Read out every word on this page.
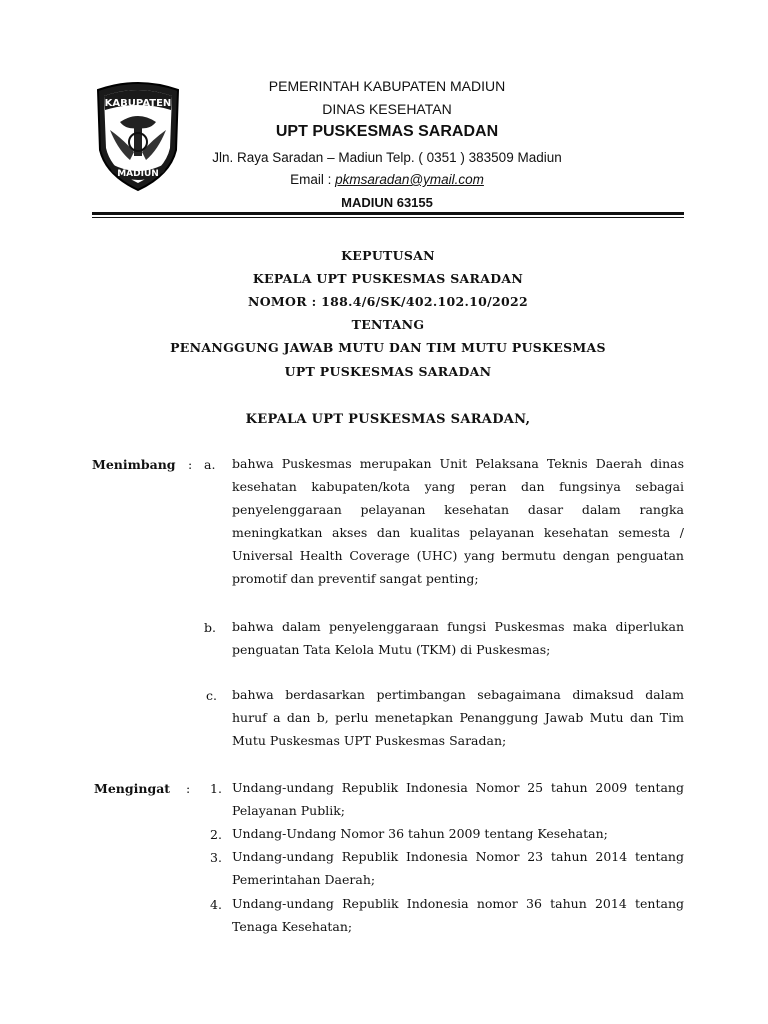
KABUPATEN
MADIUN
PEMERINTAH KABUPATEN MADIUN
DINAS KESEHATAN
UPT PUSKESMAS SARADAN
Jln. Raya Saradan – Madiun Telp. ( 0351 ) 383509 Madiun
Email : pkmsaradan@ymail.com
MADIUN 63155
KEPUTUSAN
KEPALA UPT PUSKESMAS SARADAN
NOMOR : 188.4/6/SK/402.102.10/2022
TENTANG
PENANGGUNG JAWAB MUTU DAN TIM MUTU PUSKESMAS
UPT PUSKESMAS SARADAN
KEPALA UPT PUSKESMAS SARADAN,
Menimbang : a. bahwa Puskesmas merupakan Unit Pelaksana Teknis Daerah dinas kesehatan kabupaten/kota yang peran dan fungsinya sebagai penyelenggaraan pelayanan kesehatan dasar dalam rangka meningkatkan akses dan kualitas pelayanan kesehatan semesta / Universal Health Coverage (UHC) yang bermutu dengan penguatan promotif dan preventif sangat penting;

b. bahwa dalam penyelenggaraan fungsi Puskesmas maka diperlukan penguatan Tata Kelola Mutu (TKM) di Puskesmas;

c. bahwa berdasarkan pertimbangan sebagaimana dimaksud dalam huruf a dan b, perlu menetapkan Penanggung Jawab Mutu dan Tim Mutu Puskesmas UPT Puskesmas Saradan;

Mengingat : 1. Undang-undang Republik Indonesia Nomor 25 tahun 2009 tentang Pelayanan Publik;

2. Undang-Undang Nomor 36 tahun 2009 tentang Kesehatan;

3. Undang-undang Republik Indonesia Nomor 23 tahun 2014 tentang Pemerintahan Daerah;

4. Undang-undang Republik Indonesia nomor 36 tahun 2014 tentang Tenaga Kesehatan;
